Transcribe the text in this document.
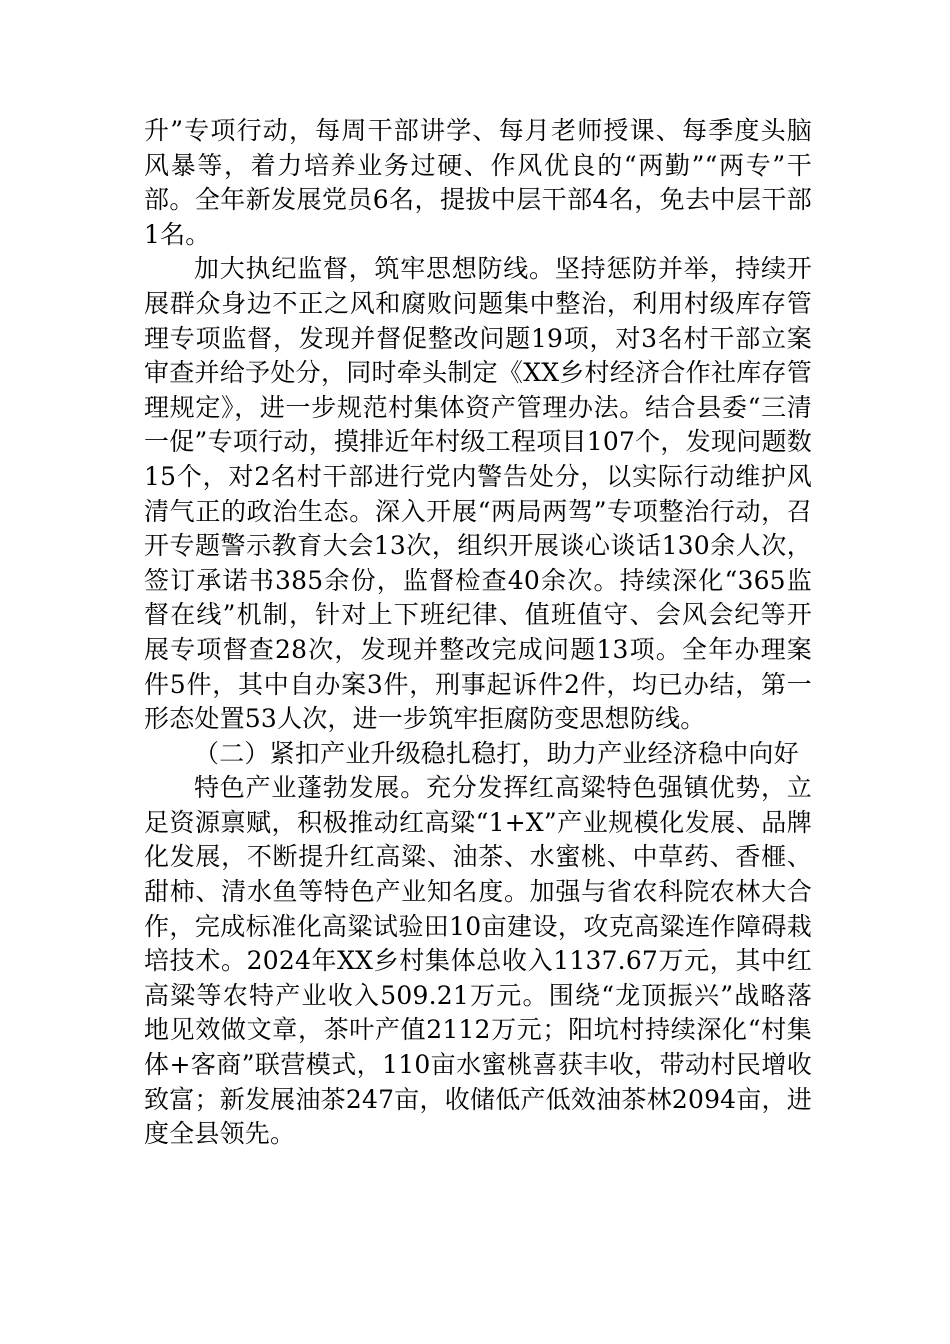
升”专项行动，每周干部讲学、每月老师授课、每季度头脑风暴等，着力培养业务过硬、作风优良的“两勤”“两专”干部。全年新发展党员6名，提拔中层干部4名，免去中层干部1名。

加大执纪监督，筑牢思想防线。坚持惩防并举，持续开展群众身边不正之风和腐败问题集中整治，利用村级库存管理专项监督，发现并督促整改问题19项，对3名村干部立案审查并给予处分，同时牵头制定《XX乡村经济合作社库存管理规定》，进一步规范村集体资产管理办法。结合县委“三清一促”专项行动，摸排近年村级工程项目107个，发现问题数15个，对2名村干部进行党内警告处分，以实际行动维护风清气正的政治生态。深入开展“两局两驾”专项整治行动，召开专题警示教育大会13次，组织开展谈心谈话130余人次，签订承诺书385余份，监督检查40余次。持续深化“365监督在线”机制，针对上下班纪律、值班值守、会风会纪等开展专项督查28次，发现并整改完成问题13项。全年办理案件5件，其中自办案3件，刑事起诉件2件，均已办结，第一形态处置53人次，进一步筑牢拒腐防变思想防线。

（二）紧扣产业升级稳扎稳打，助力产业经济稳中向好

特色产业蓬勃发展。充分发挥红高粱特色强镇优势，立足资源禀赋，积极推动红高粱“1+X”产业规模化发展、品牌化发展，不断提升红高粱、油茶、水蜜桃、中草药、香榧、甜柿、清水鱼等特色产业知名度。加强与省农科院农林大合作，完成标准化高粱试验田10亩建设，攻克高粱连作障碍栽培技术。2024年XX乡村集体总收入1137.67万元，其中红高粱等农特产业收入509.21万元。围绕“龙顶振兴”战略落地见效做文章，茶叶产值2112万元；阳坑村持续深化“村集体+客商”联营模式，110亩水蜜桃喜获丰收，带动村民增收致富；新发展油茶247亩，收储低产低效油茶林2094亩，进度全县领先。
